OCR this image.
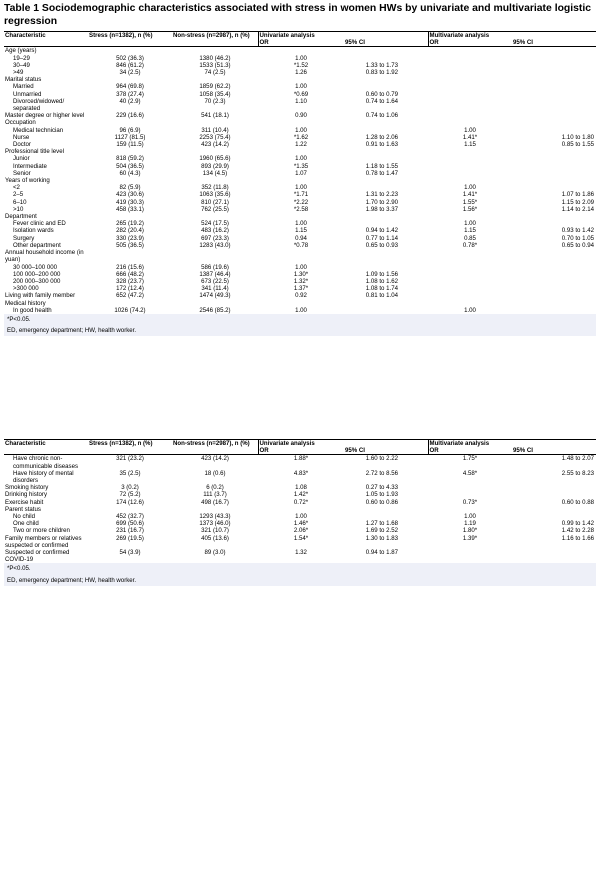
Table 1 Sociodemographic characteristics associated with stress in women HWs by univariate and multivariate logistic regression
Characteristic	Stress (n=1382), n (%)	Non-stress (n=2987), n (%)	Univariate analysis		Multivariate analysis	
			OR	95% CI	OR	95% CI
Age (years)						
19–29	502 (36.3)	1380 (46.2)	1.00			
30–49	846 (61.2)	1533 (51.3)	*1.52	1.33 to 1.73		
>49	34 (2.5)	74 (2.5)	1.26	0.83 to 1.92		
Marital status						
Married	964 (69.8)	1859 (62.2)	1.00			
Unmarried	378 (27.4)	1058 (35.4)	*0.69	0.60 to 0.79		
Divorced/widowed/ separated	40 (2.9)	70 (2.3)	1.10	0.74 to 1.64		
Master degree or higher level	229 (16.6)	541 (18.1)	0.90	0.74 to 1.06		
Occupation						
Medical technician	96 (6.9)	311 (10.4)	1.00		1.00	
Nurse	1127 (81.5)	2253 (75.4)	*1.62	1.28 to 2.06	1.41*	1.10 to 1.80
Doctor	159 (11.5)	423 (14.2)	1.22	0.91 to 1.63	1.15	0.85 to 1.55
Professional title level						
Junior	818 (59.2)	1960 (65.6)	1.00			
Intermediate	504 (36.5)	893 (29.9)	*1.35	1.18 to 1.55		
Senior	60 (4.3)	134 (4.5)	1.07	0.78 to 1.47		
Years of working						
<2	82 (5.9)	352 (11.8)	1.00		1.00	
2–5	423 (30.6)	1063 (35.6)	*1.71	1.31 to 2.23	1.41*	1.07 to 1.86
6–10	419 (30.3)	810 (27.1)	*2.22	1.70 to 2.90	1.55*	1.15 to 2.09
>10	458 (33.1)	762 (25.5)	*2.58	1.98 to 3.37	1.56*	1.14 to 2.14
Department						
Fever clinic and ED	265 (19.2)	524 (17.5)	1.00		1.00	
Isolation wards	282 (20.4)	483 (16.2)	1.15	0.94 to 1.42	1.15	0.93 to 1.42
Surgery	330 (23.9)	697 (23.3)	0.94	0.77 to 1.14	0.85	0.70 to 1.05
Other department	505 (36.5)	1283 (43.0)	*0.78	0.65 to 0.93	0.78*	0.65 to 0.94
Annual household income (in yuan)						
30 000–100 000	216 (15.6)	586 (19.6)	1.00			
100 000–200 000	666 (48.2)	1387 (46.4)	1.30*	1.09 to 1.56		
200 000–300 000	328 (23.7)	673 (22.5)	1.32*	1.08 to 1.62		
>300 000	172 (12.4)	341 (11.4)	1.37*	1.08 to 1.74		
Living with family member	652 (47.2)	1474 (49.3)	0.92	0.81 to 1.04		
Medical history						
In good health	1026 (74.2)	2546 (85.2)	1.00		1.00	

*P<0.05.
ED, emergency department; HW, health worker.						
Characteristic	Stress (n=1382), n (%)	Non-stress (n=2987), n (%)	Univariate analysis		Multivariate analysis	
			OR	95% CI	OR	95% CI
Have chronic non-communicable diseases	321 (23.2)	423 (14.2)	1.88*	1.60 to 2.22	1.75*	1.48 to 2.07
Have history of mental disorders	35 (2.5)	18 (0.6)	4.83*	2.72 to 8.56	4.58*	2.55 to 8.23
Smoking history	3 (0.2)	6 (0.2)	1.08	0.27 to 4.33		
Drinking history	72 (5.2)	111 (3.7)	1.42*	1.05 to 1.93		
Exercise habit	174 (12.6)	498 (16.7)	0.72*	0.60 to 0.86	0.73*	0.60 to 0.88
Parent status						
No child	452 (32.7)	1293 (43.3)	1.00		1.00	
One child	699 (50.6)	1373 (46.0)	1.46*	1.27 to 1.68	1.19	0.99 to 1.42
Two or more children	231 (16.7)	321 (10.7)	2.06*	1.69 to 2.52	1.80*	1.42 to 2.28
Family members or relatives suspected or confirmed	269 (19.5)	405 (13.6)	1.54*	1.30 to 1.83	1.39*	1.16 to 1.66
Suspected or confirmed COVID-19	54 (3.9)	89 (3.0)	1.32	0.94 to 1.87		

*P<0.05.
ED, emergency department; HW, health worker.						
